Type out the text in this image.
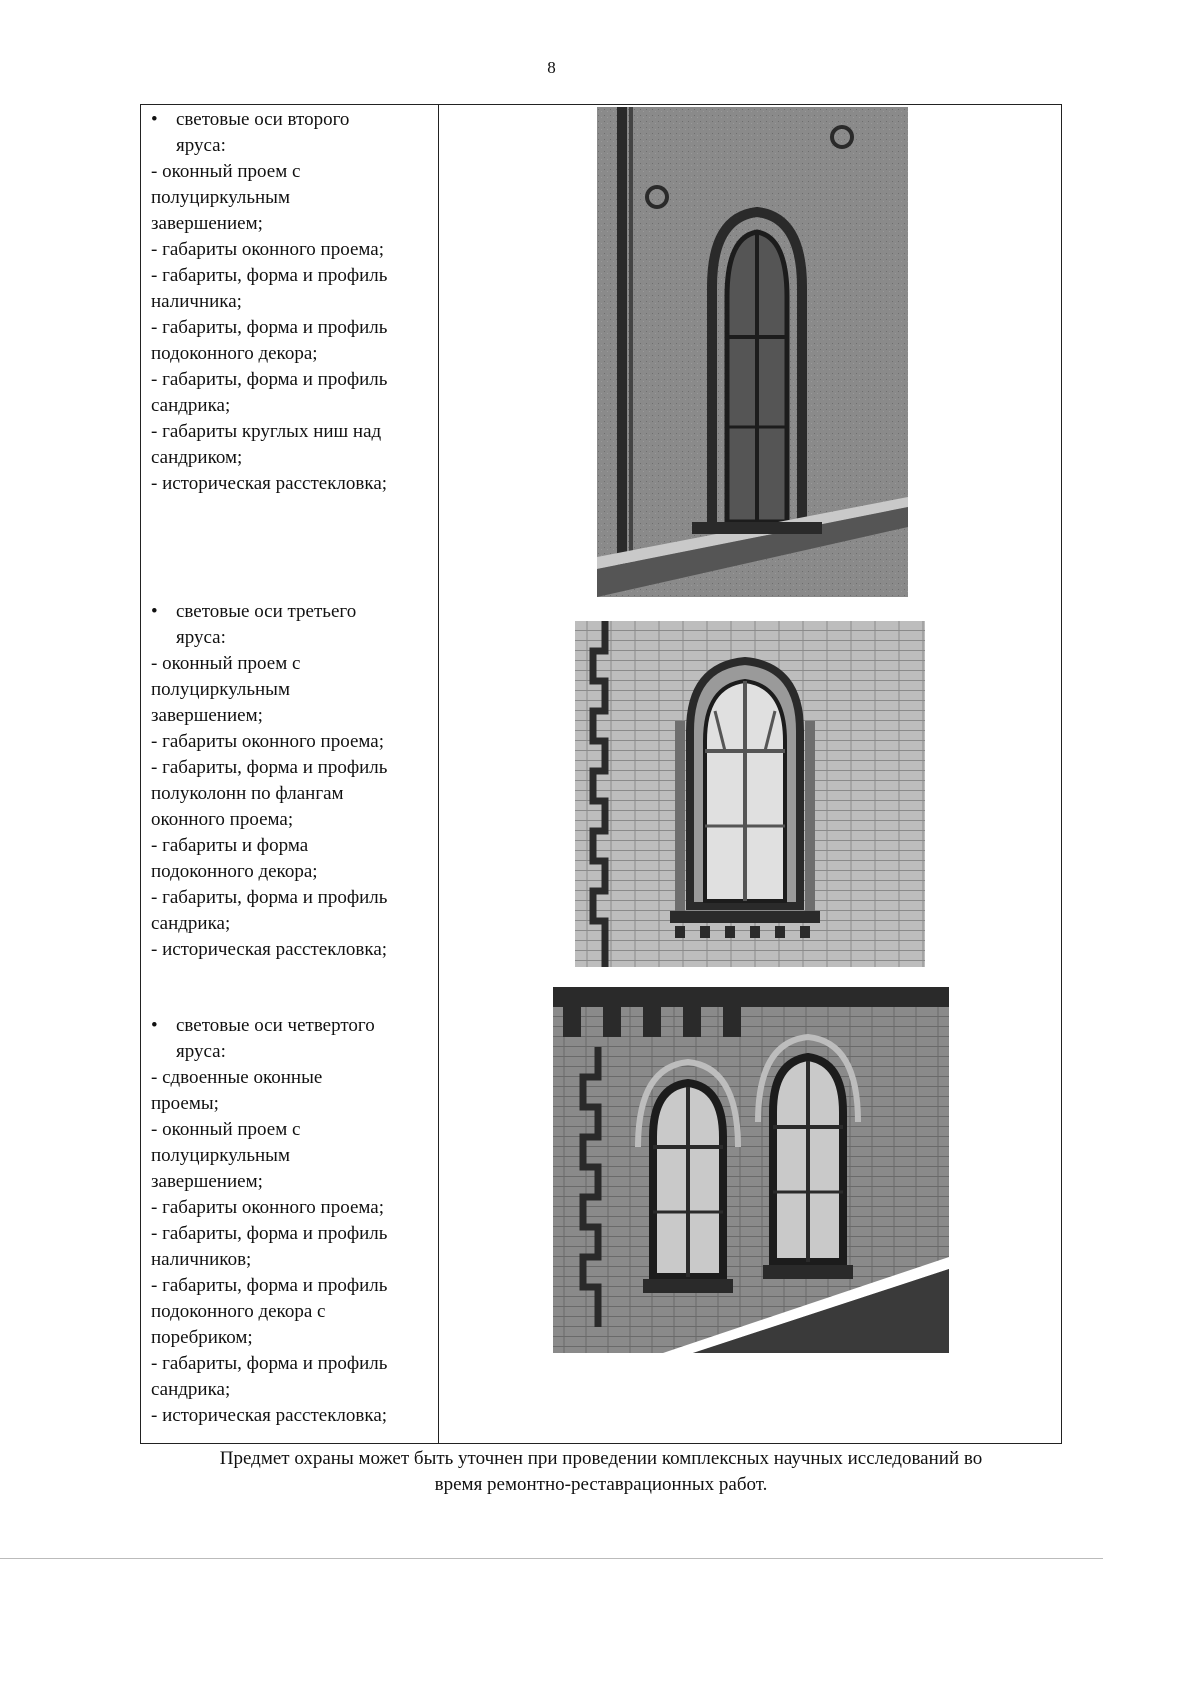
8
• световые оси второго
яруса:
- оконный проем с
полуциркульным
завершением;
- габариты оконного проема;
- габариты, форма и профиль
наличника;
- габариты, форма и профиль
подоконного декора;
- габариты, форма и профиль
сандрика;
- габариты круглых ниш над
сандриком;
- историческая расстекловка;
• световые оси третьего
яруса:
- оконный проем с
полуциркульным
завершением;
- габариты оконного проема;
- габариты, форма и профиль
полуколонн по флангам
оконного проема;
- габариты и форма
подоконного декора;
- габариты, форма и профиль
сандрика;
- историческая расстекловка;
• световые оси четвертого
яруса:
- сдвоенные оконные
проемы;
- оконный проем с
полуциркульным
завершением;
- габариты оконного проема;
- габариты, форма и профиль
наличников;
- габариты, форма и профиль
подоконного декора с
поребриком;
- габариты, форма и профиль
сандрика;
- историческая расстекловка;
Предмет охраны может быть уточнен при проведении комплексных научных исследований во
время ремонтно-реставрационных работ.
